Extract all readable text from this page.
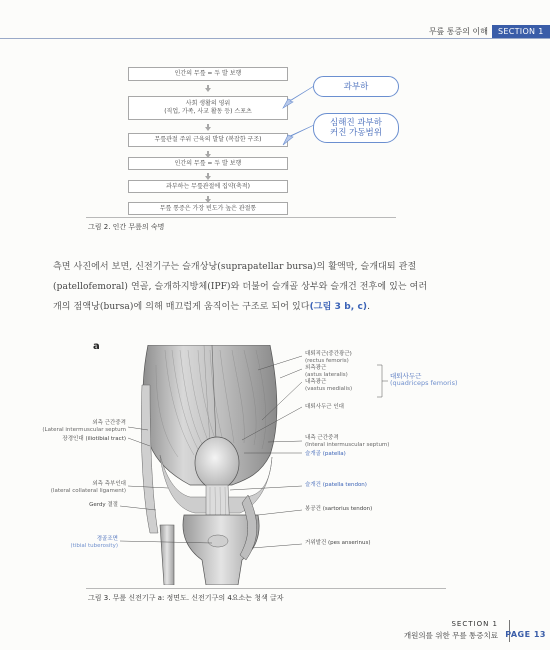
무릎 통증의 이해	SECTION 1
인간의 무릎 = 두 발 보행
사회 생활의 영위
(직업, 가족, 사교 활동 등) 스포츠
무릎관절 주위 근육의 발달 (복잡한 구조)
인간의 무릎 = 두 발 보행
과부하는 무릎관절에 집약(축적)
무릎 통증은 가장 빈도가 높은 관절통
과부하
심해진 과부하
커진 가동범위
그림 2. 인간 무릎의 숙명

측면 사진에서 보면, 신전기구는 슬개상낭(suprapatellar bursa)의 활액막, 슬개대퇴 관절

(patellofemoral) 연골, 슬개하지방체(IPF)와 더불어 슬개골 상부와 슬개건 전후에 있는 여러

개의 점액낭(bursa)에 의해 매끄럽게 움직이는 구조로 되어 있다(그림 3 b, c).

a
대퇴직근(중간광근)
(rectus femoris)
외측광근
(astus lateralis)
내측광근
(vastus medialis)
대퇴사두근 인대
내측 근간중격
(Interal intermuscular septum)
슬개골 (patella)
슬개건 (patella tendon)
봉공건 (sartorius tendon)
거위발건 (pes anserinus)
대퇴사두근
(quadriceps femoris)
외측 근간중격
(Lateral intermuscular septum
장경인대 (iliotibial tract)
외측 측부인대
(lateral collateral ligament)
Gerdy 결절
경골조면
(tibial tuberosity)
그림 3. 무릎 신전기구 a: 정면도. 신전기구의 4요소는 청색 글자
SECTION 1
개원의를 위한 무릎 통증치료 PAGE 13
